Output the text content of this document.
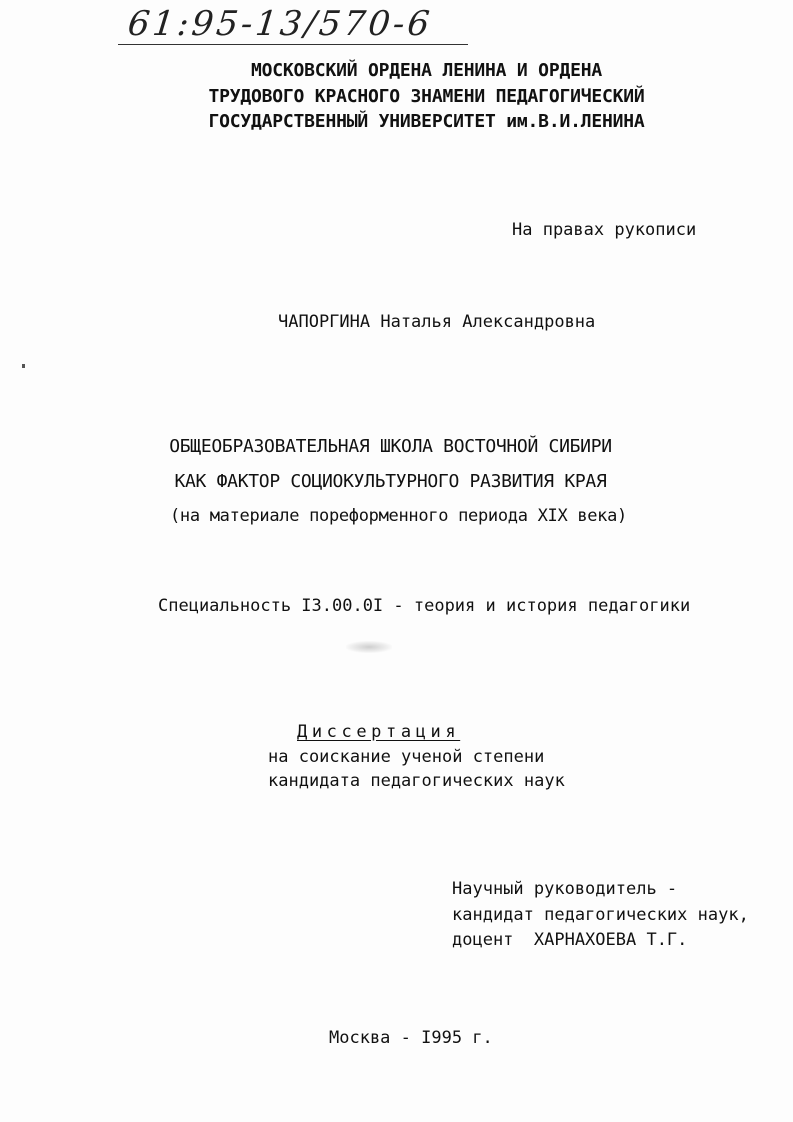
61:95-13/570-6
МОСКОВСКИЙ ОРДЕНА ЛЕНИНА И ОРДЕНА
ТРУДОВОГО КРАСНОГО ЗНАМЕНИ ПЕДАГОГИЧЕСКИЙ
ГОСУДАРСТВЕННЫЙ УНИВЕРСИТЕТ им.В.И.ЛЕНИНА
На правах рукописи
ЧАПОРГИНА Наталья Александровна
ОБЩЕОБРАЗОВАТЕЛЬНАЯ ШКОЛА ВОСТОЧНОЙ СИБИРИ
КАК ФАКТОР СОЦИОКУЛЬТУРНОГО РАЗВИТИЯ КРАЯ
(на материале пореформенного периода XIX века)
Специальность I3.00.0I - теория и история педагогики
Диссертация
на соискание ученой степени
кандидата педагогических наук
Научный руководитель -
кандидат педагогических наук,
доцент  ХАРНАХОЕВА Т.Г.
Москва - I995 г.
